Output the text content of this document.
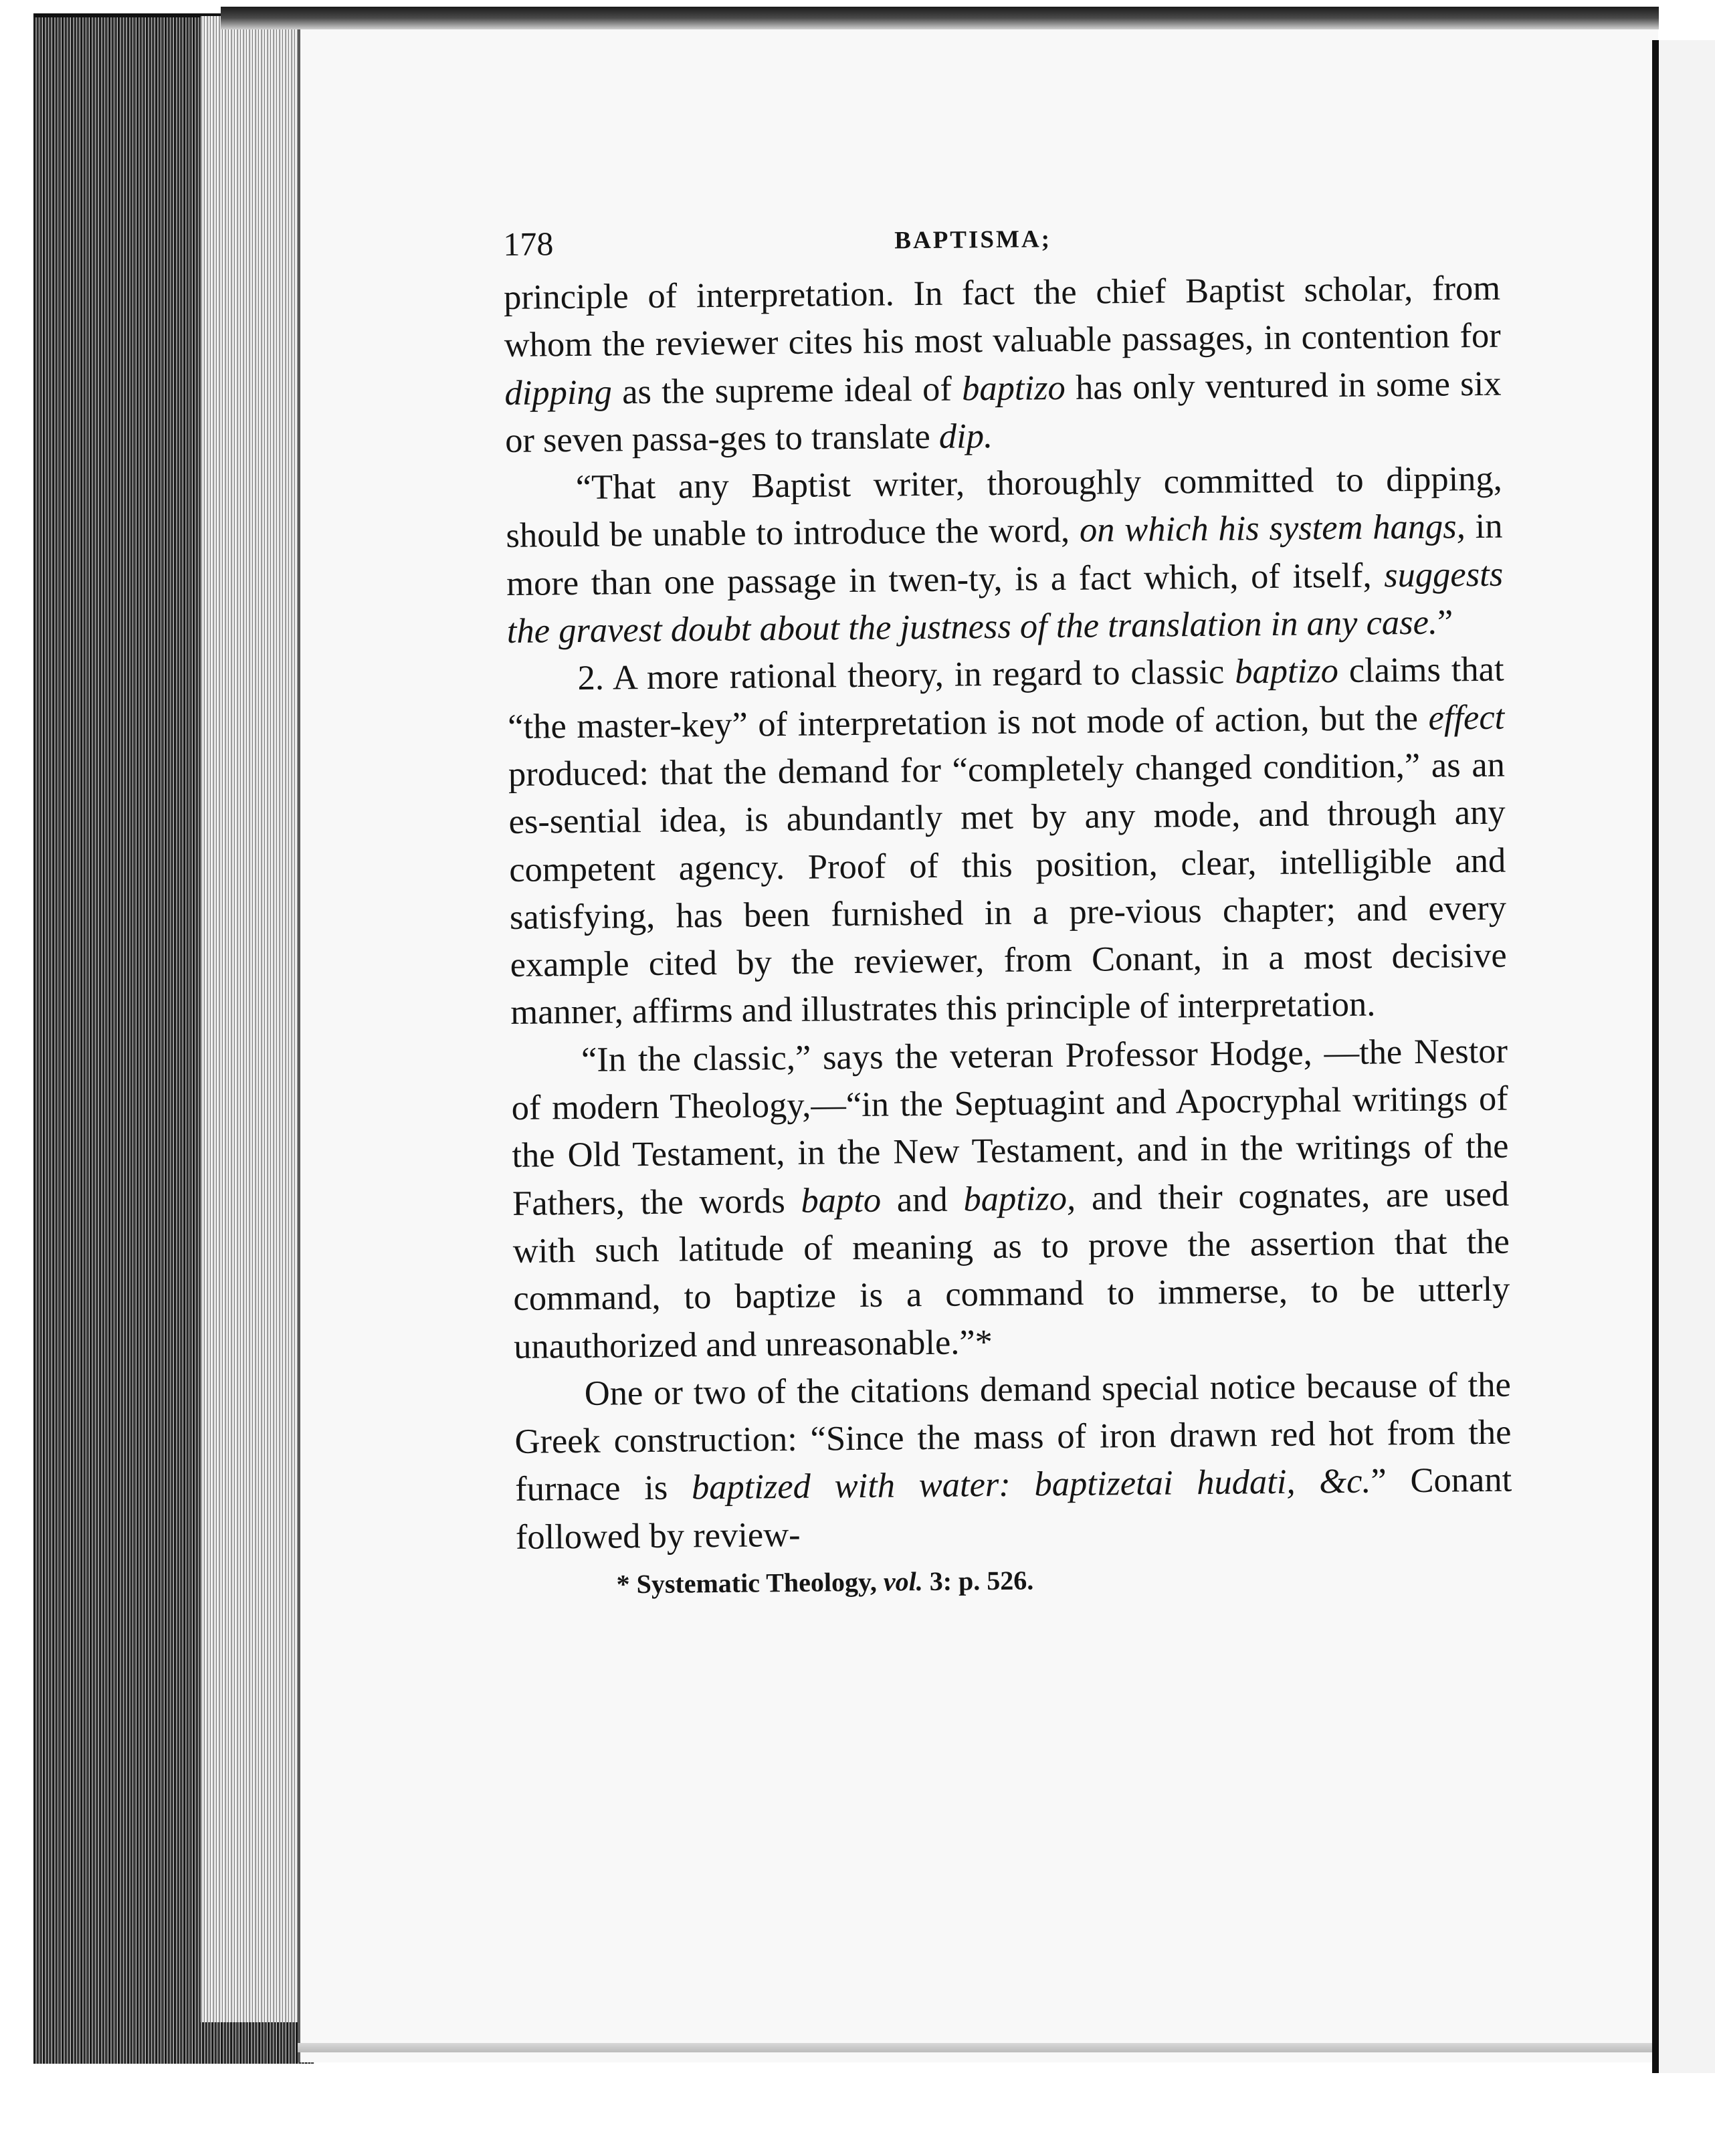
178	BAPTISMA;

principle of interpretation. In fact the chief Baptist scholar, from whom the reviewer cites his most valuable passages, in contention for dipping as the supreme ideal of baptizo has only ventured in some six or seven passa-ges to translate dip.

“That any Baptist writer, thoroughly committed to dipping, should be unable to introduce the word, on which his system hangs, in more than one passage in twen-ty, is a fact which, of itself, suggests the gravest doubt about the justness of the translation in any case.”

2. A more rational theory, in regard to classic baptizo claims that “the master-key” of interpretation is not mode of action, but the effect produced: that the demand for “completely changed condition,” as an es-sential idea, is abundantly met by any mode, and through any competent agency. Proof of this position, clear, intelligible and satisfying, has been furnished in a pre-vious chapter; and every example cited by the reviewer, from Conant, in a most decisive manner, affirms and illustrates this principle of interpretation.

“In the classic,” says the veteran Professor Hodge, —the Nestor of modern Theology,—“in the Septuagint and Apocryphal writings of the Old Testament, in the New Testament, and in the writings of the Fathers, the words bapto and baptizo, and their cognates, are used with such latitude of meaning as to prove the assertion that the command, to baptize is a command to immerse, to be utterly unauthorized and unreasonable.”*

One or two of the citations demand special notice because of the Greek construction: “Since the mass of iron drawn red hot from the furnace is baptized with water: baptizetai hudati, &c.” Conant followed by review-

* Systematic Theology, vol. 3: p. 526.
